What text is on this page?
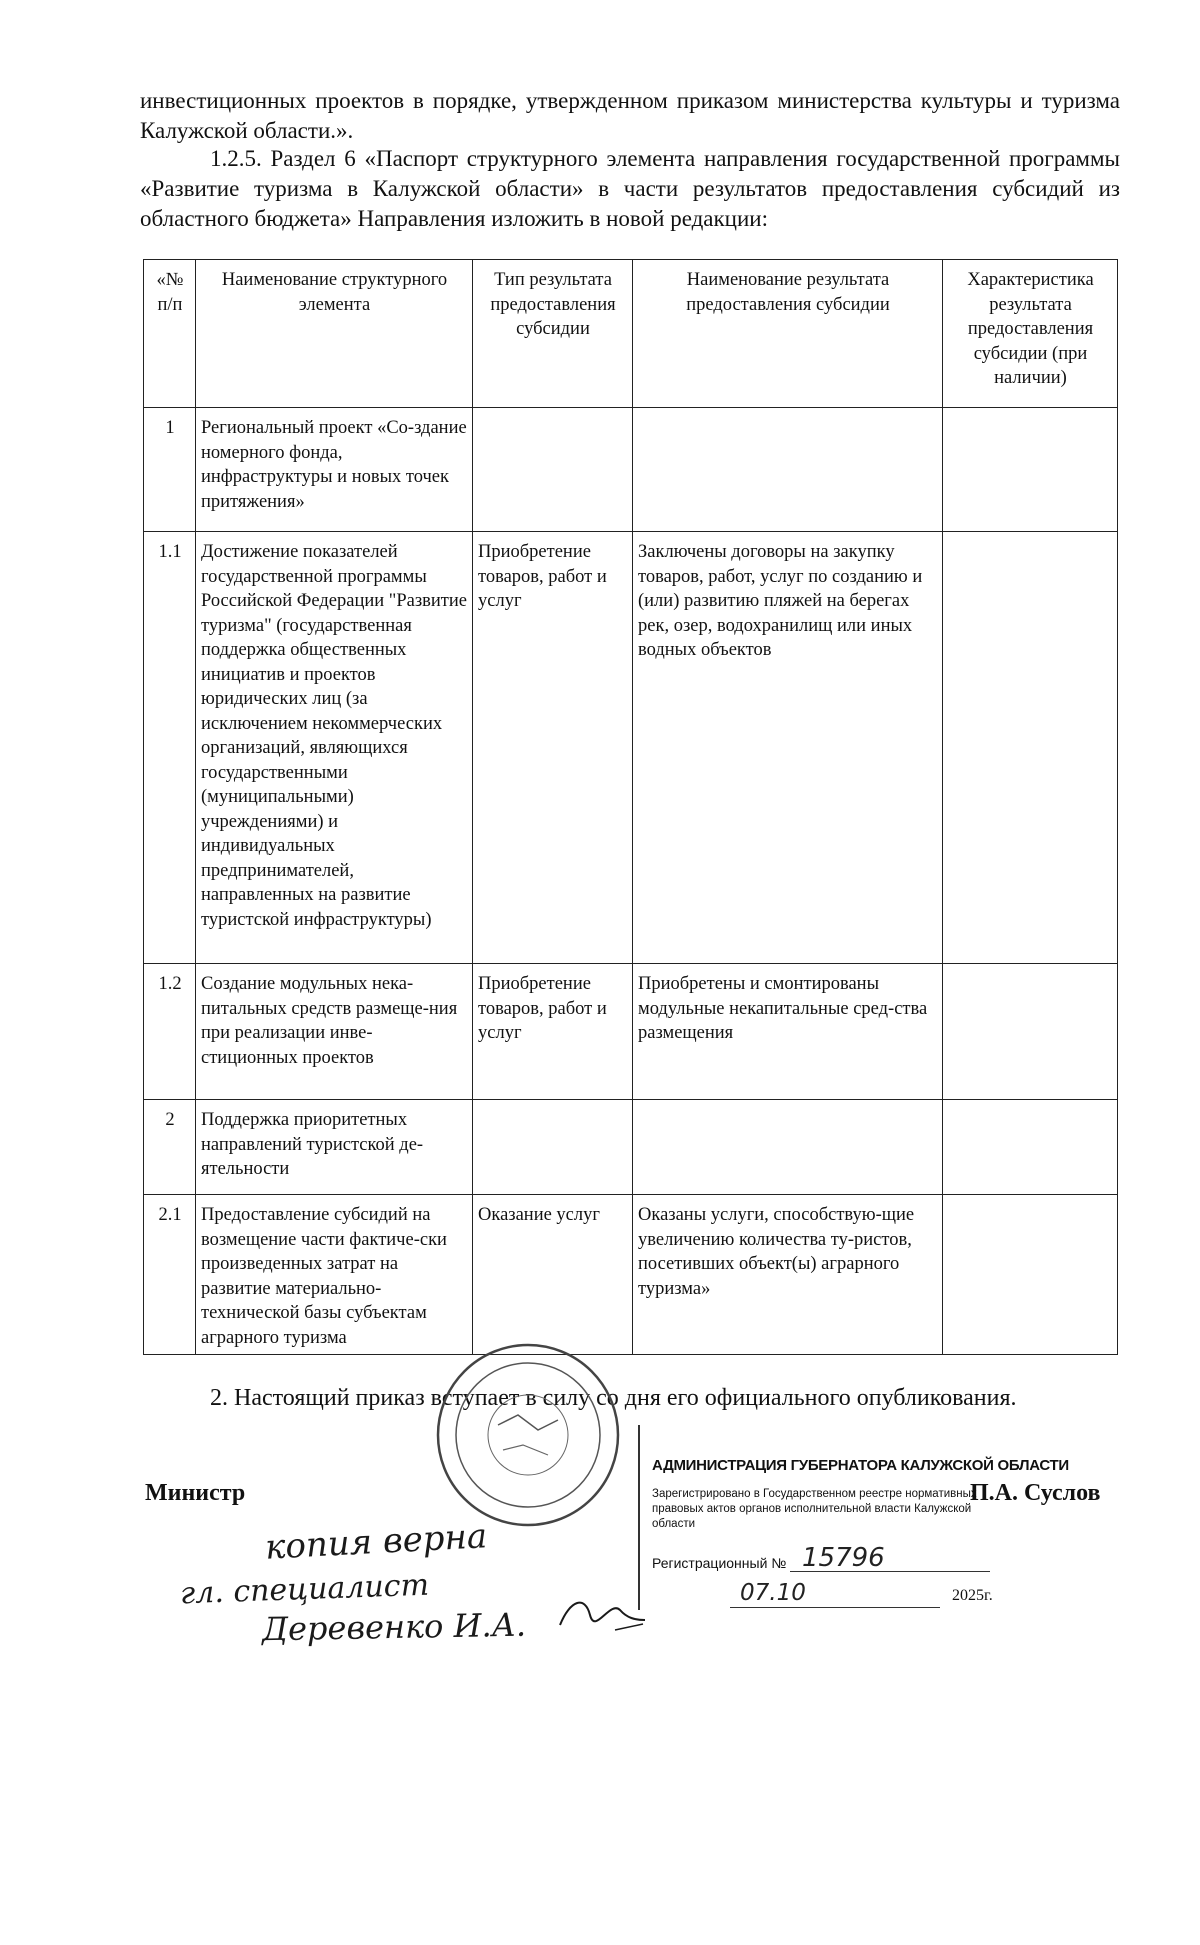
инвестиционных проектов в порядке, утвержденном приказом министерства культуры и туризма Калужской области.».
1.2.5. Раздел 6 «Паспорт структурного элемента направления государственной программы «Развитие туризма в Калужской области» в части результатов предоставления субсидий из областного бюджета» Направления изложить в новой редакции:
«№ п/п	Наименование структурного элемента	Тип результата предоставления субсидии	Наименование результата предоставления субсидии	Характеристика результата предоставления субсидии (при наличии)
1	Региональный проект «Со-здание номерного фонда, инфраструктуры и новых точек притяжения»			
1.1	Достижение показателей государственной программы Российской Федерации "Развитие туризма" (государственная поддержка общественных инициатив и проектов юридических лиц (за исключением некоммерческих организаций, являющихся государственными (муниципальными) учреждениями) и индивидуальных предпринимателей, направленных на развитие туристской инфраструктуры)	Приобретение товаров, работ и услуг	Заключены договоры на закупку товаров, работ, услуг по созданию и (или) развитию пляжей на берегах рек, озер, водохранилищ или иных водных объектов	
1.2	Создание модульных нека-питальных средств размеще-ния при реализации инве-стиционных проектов	Приобретение товаров, работ и услуг	Приобретены и смонтированы модульные некапитальные сред-ства размещения	
2	Поддержка приоритетных направлений туристской де-ятельности			
2.1	Предоставление субсидий на возмещение части фактиче-ски произведенных затрат на развитие материально-технической базы субъектам аграрного туризма	Оказание услуг	Оказаны услуги, способствую-щие увеличению количества ту-ристов, посетивших объект(ы) аграрного туризма»	
2. Настоящий приказ вступает в силу со дня его официального опубликования.
Министр	П.А. Суслов
АДМИНИСТРАЦИЯ ГУБЕРНАТОРА КАЛУЖСКОЙ ОБЛАСТИ
Зарегистрировано в Государственном реестре нормативных правовых актов органов исполнительной власти Калужской области
Регистрационный № 15796
07.10	2025г.
копия верна
гл. специалист
Деревенко И.А.
